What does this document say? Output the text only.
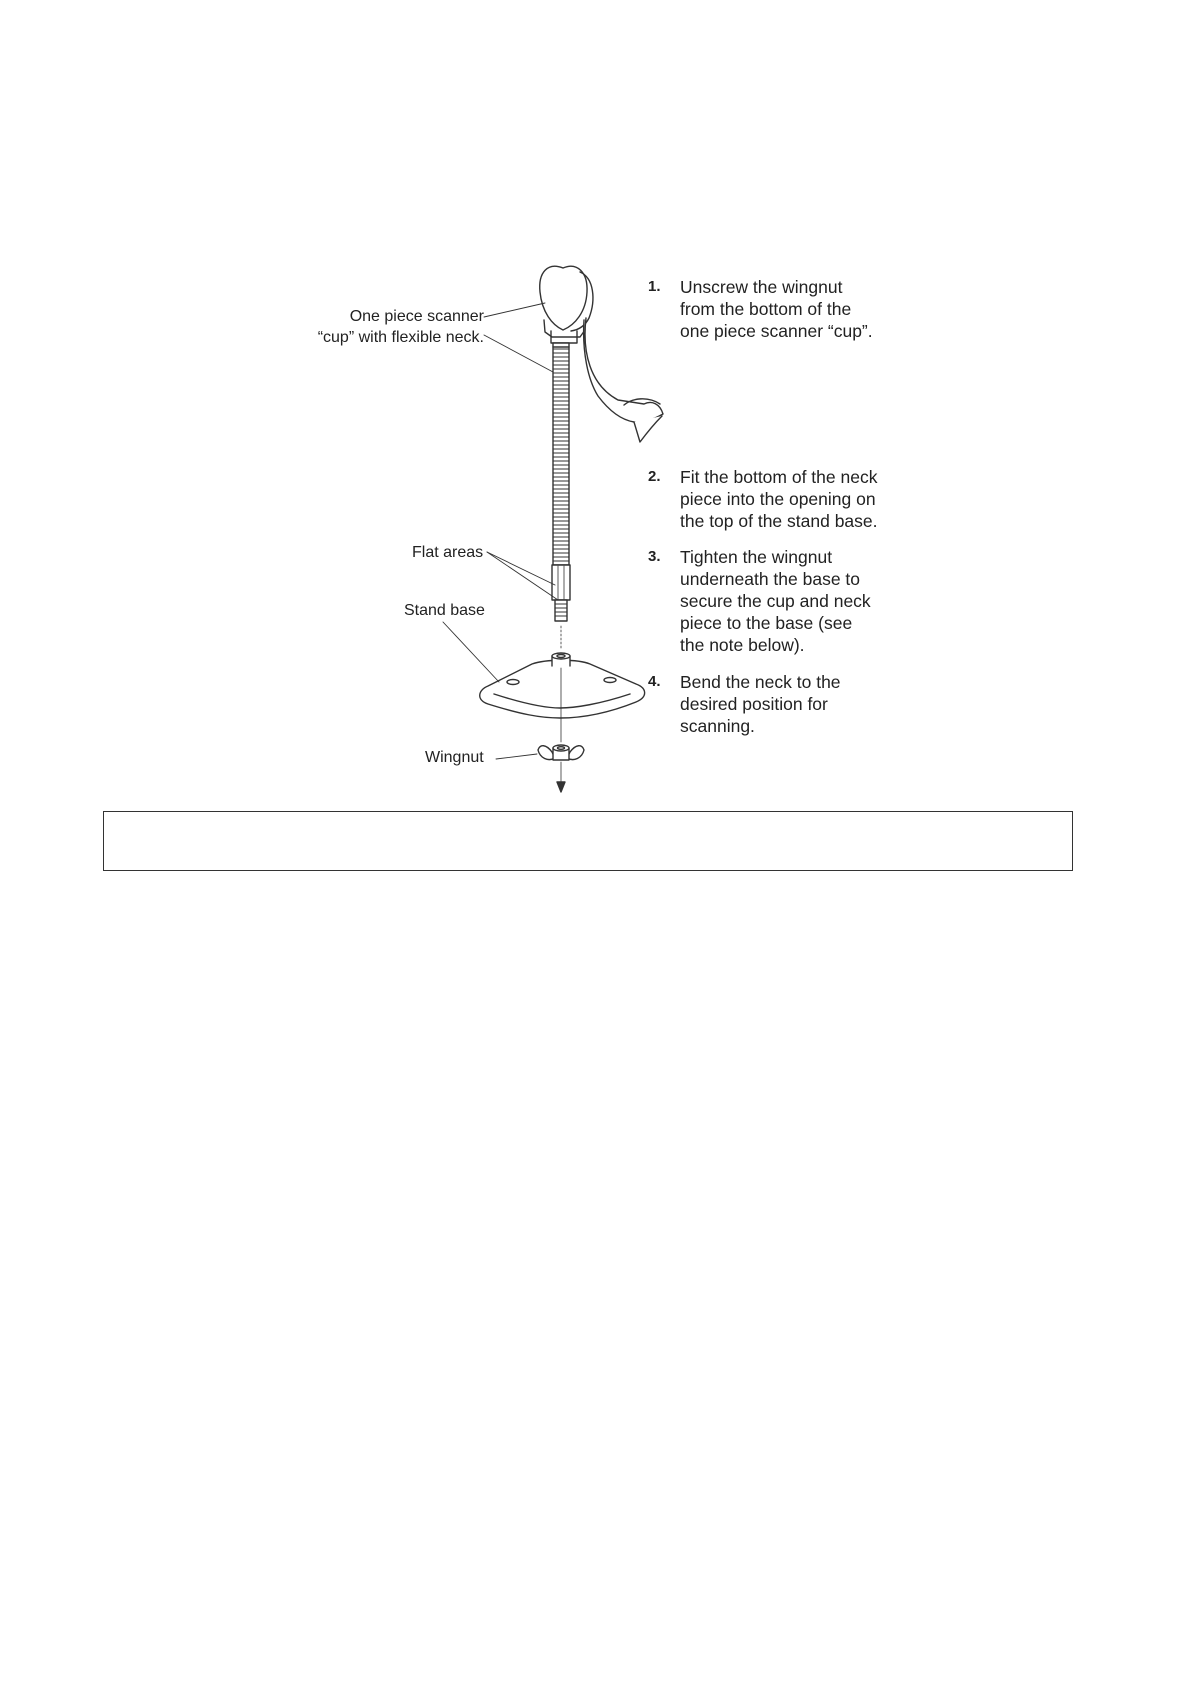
One piece scanner
“cup” with flexible neck.
Flat areas
Stand base
Wingnut
1. Unscrew the wingnut
from the bottom of the
one piece scanner “cup”.
2. Fit the bottom of the neck
piece into the opening on
the top of the stand base.
3. Tighten the wingnut
underneath the base to
secure the cup and neck
piece to the base (see
the note below).
4. Bend the neck to the
desired position for
scanning.
